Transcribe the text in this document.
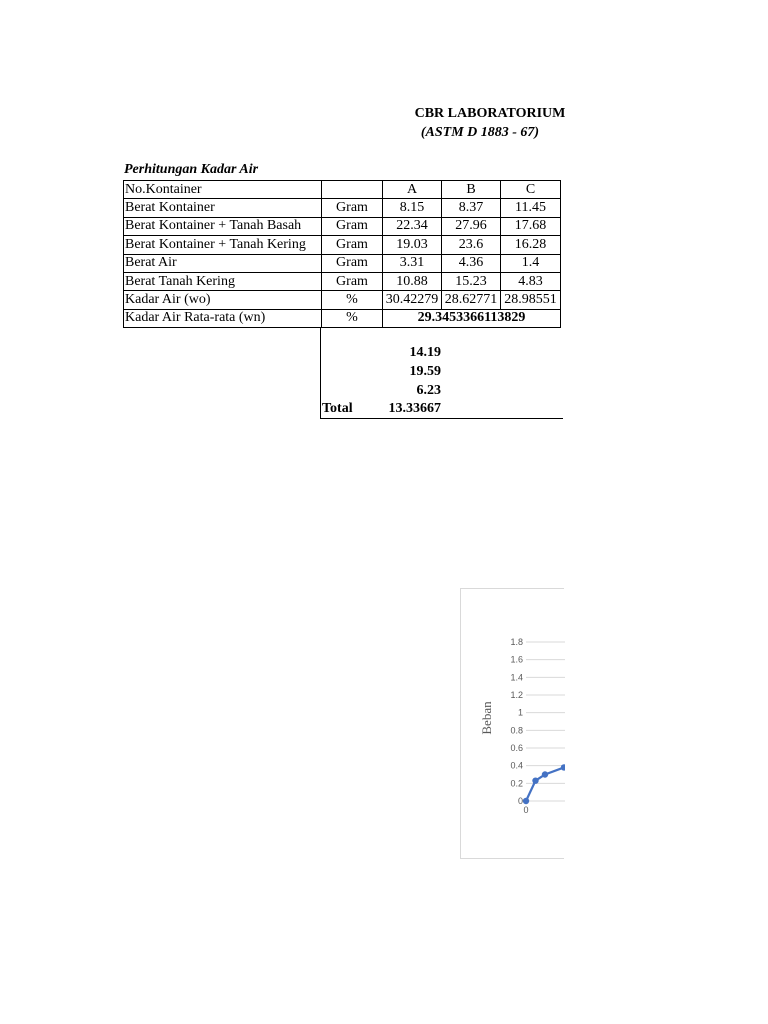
CBR LABORATORIUM
(ASTM D 1883 - 67)
Perhitungan Kadar Air
No.Kontainer		A	B	C
Berat Kontainer	Gram	8.15	8.37	11.45
Berat Kontainer + Tanah Basah	Gram	22.34	27.96	17.68
Berat Kontainer + Tanah Kering	Gram	19.03	23.6	16.28
Berat Air	Gram	3.31	4.36	1.4
Berat Tanah Kering	Gram	10.88	15.23	4.83
Kadar Air (wo)	%	30.42279	28.62771	28.98551
Kadar Air Rata-rata (wn)	%	29.3453366113829		
14.19
19.59
6.23
Total	13.33667
0
0.2
0.4
0.6
0.8
1
1.2
1.4
1.6
1.8
0
Beban
